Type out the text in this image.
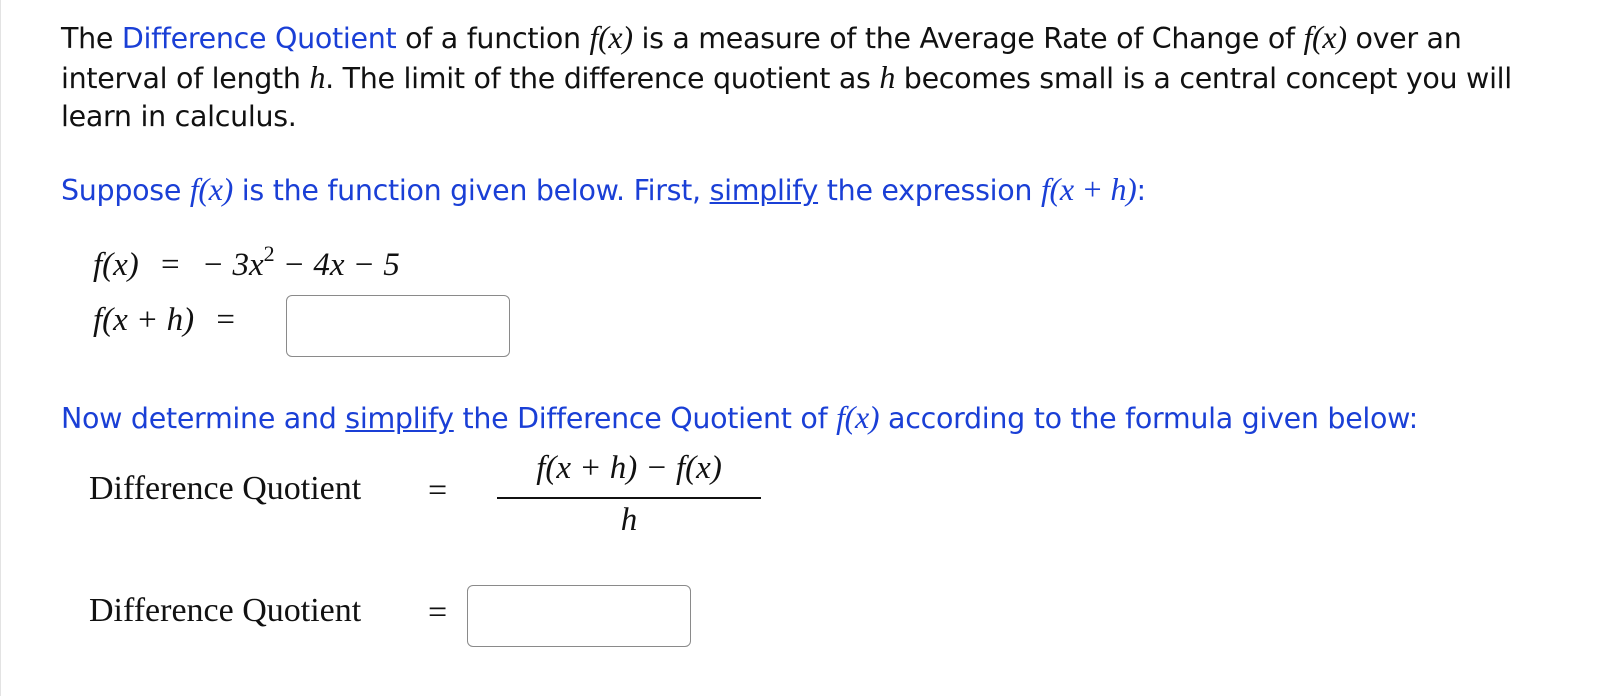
The Difference Quotient of a function f(x) is a measure of the Average Rate of Change of f(x) over an interval of length h. The limit of the difference quotient as h becomes small is a central concept you will learn in calculus.

Suppose f(x) is the function given below. First, simplify the expression f(x + h):

f(x) = − $3x^2 - 4x - 5$
f(x + h) =

Now determine and simplify the Difference Quotient of f(x) according to the formula given below:

Difference Quotient =
f(x + h) − f(x)
h
Difference Quotient =
